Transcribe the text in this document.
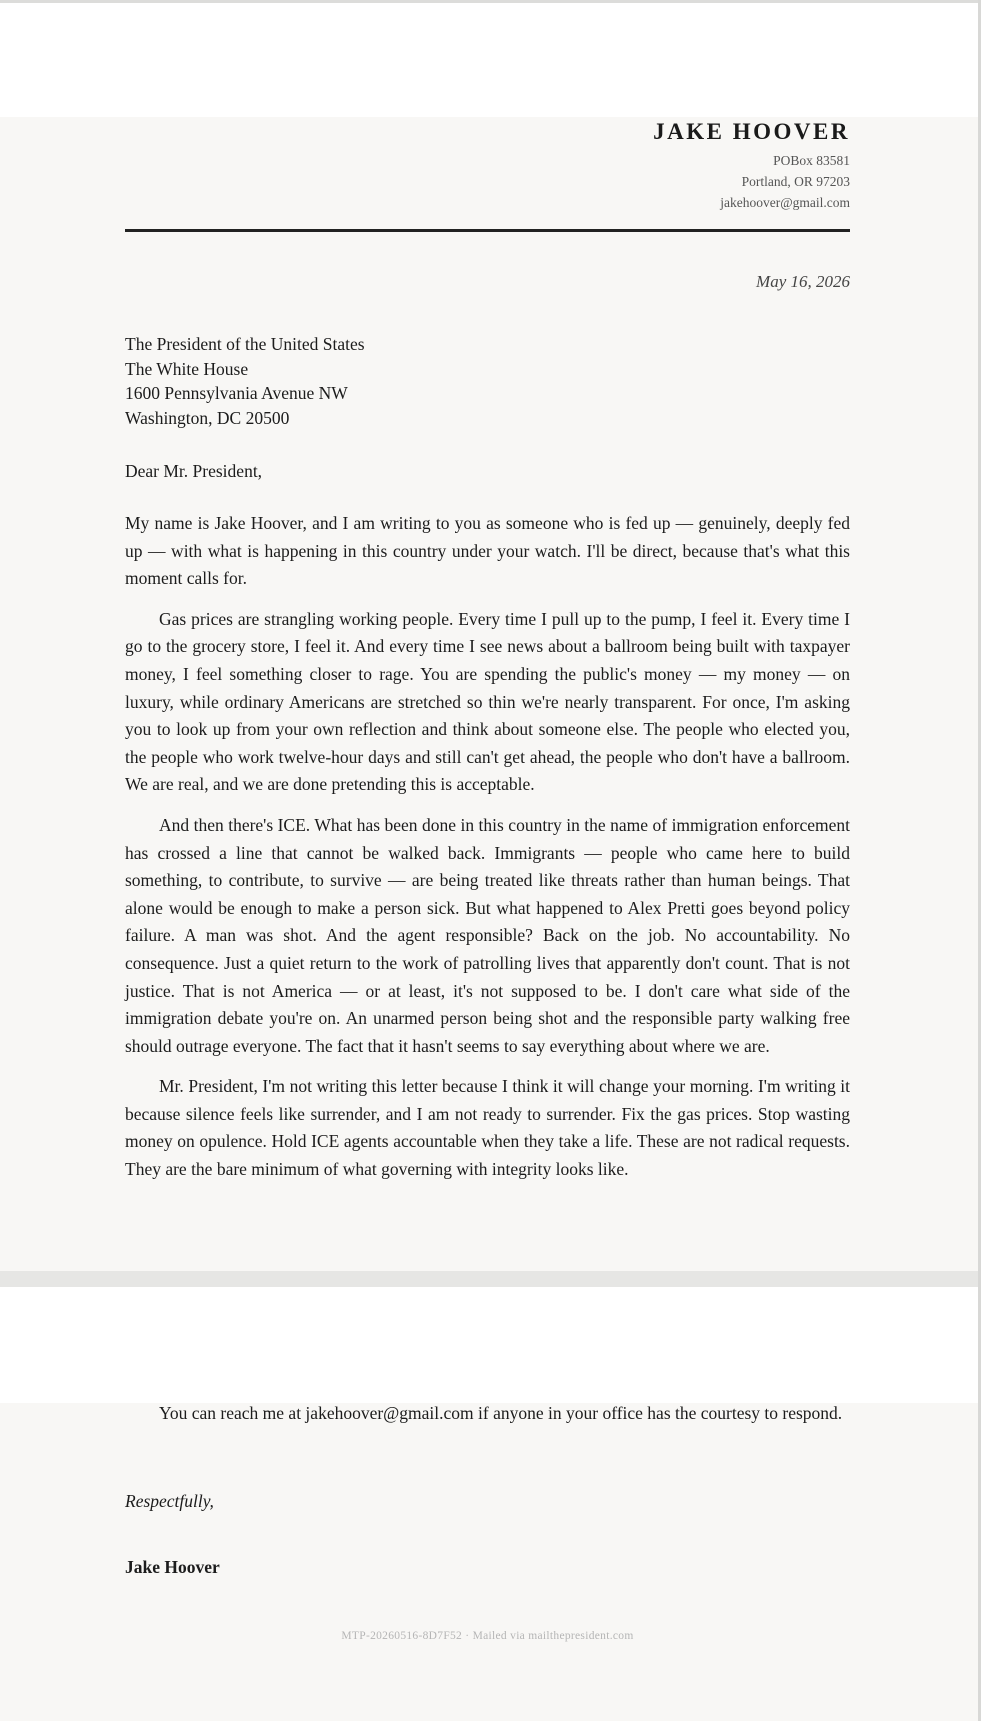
JAKE HOOVER
POBox 83581
Portland, OR 97203
jakehoover@gmail.com
May 16, 2026
The President of the United States
The White House
1600 Pennsylvania Avenue NW
Washington, DC 20500
Dear Mr. President,

My name is Jake Hoover, and I am writing to you as someone who is fed up — genuinely, deeply fed up — with what is happening in this country under your watch. I'll be direct, because that's what this moment calls for.

Gas prices are strangling working people. Every time I pull up to the pump, I feel it. Every time I go to the grocery store, I feel it. And every time I see news about a ballroom being built with taxpayer money, I feel something closer to rage. You are spending the public's money — my money — on luxury, while ordinary Americans are stretched so thin we're nearly transparent. For once, I'm asking you to look up from your own reflection and think about someone else. The people who elected you, the people who work twelve-hour days and still can't get ahead, the people who don't have a ballroom. We are real, and we are done pretending this is acceptable.

And then there's ICE. What has been done in this country in the name of immigration enforcement has crossed a line that cannot be walked back. Immigrants — people who came here to build something, to contribute, to survive — are being treated like threats rather than human beings. That alone would be enough to make a person sick. But what happened to Alex Pretti goes beyond policy failure. A man was shot. And the agent responsible? Back on the job. No accountability. No consequence. Just a quiet return to the work of patrolling lives that apparently don't count. That is not justice. That is not America — or at least, it's not supposed to be. I don't care what side of the immigration debate you're on. An unarmed person being shot and the responsible party walking free should outrage everyone. The fact that it hasn't seems to say everything about where we are.

Mr. President, I'm not writing this letter because I think it will change your morning. I'm writing it because silence feels like surrender, and I am not ready to surrender. Fix the gas prices. Stop wasting money on opulence. Hold ICE agents accountable when they take a life. These are not radical requests. They are the bare minimum of what governing with integrity looks like.

You can reach me at jakehoover@gmail.com if anyone in your office has the courtesy to respond.

Respectfully,
Jake Hoover
MTP-20260516-8D7F52 · Mailed via mailthepresident.com
